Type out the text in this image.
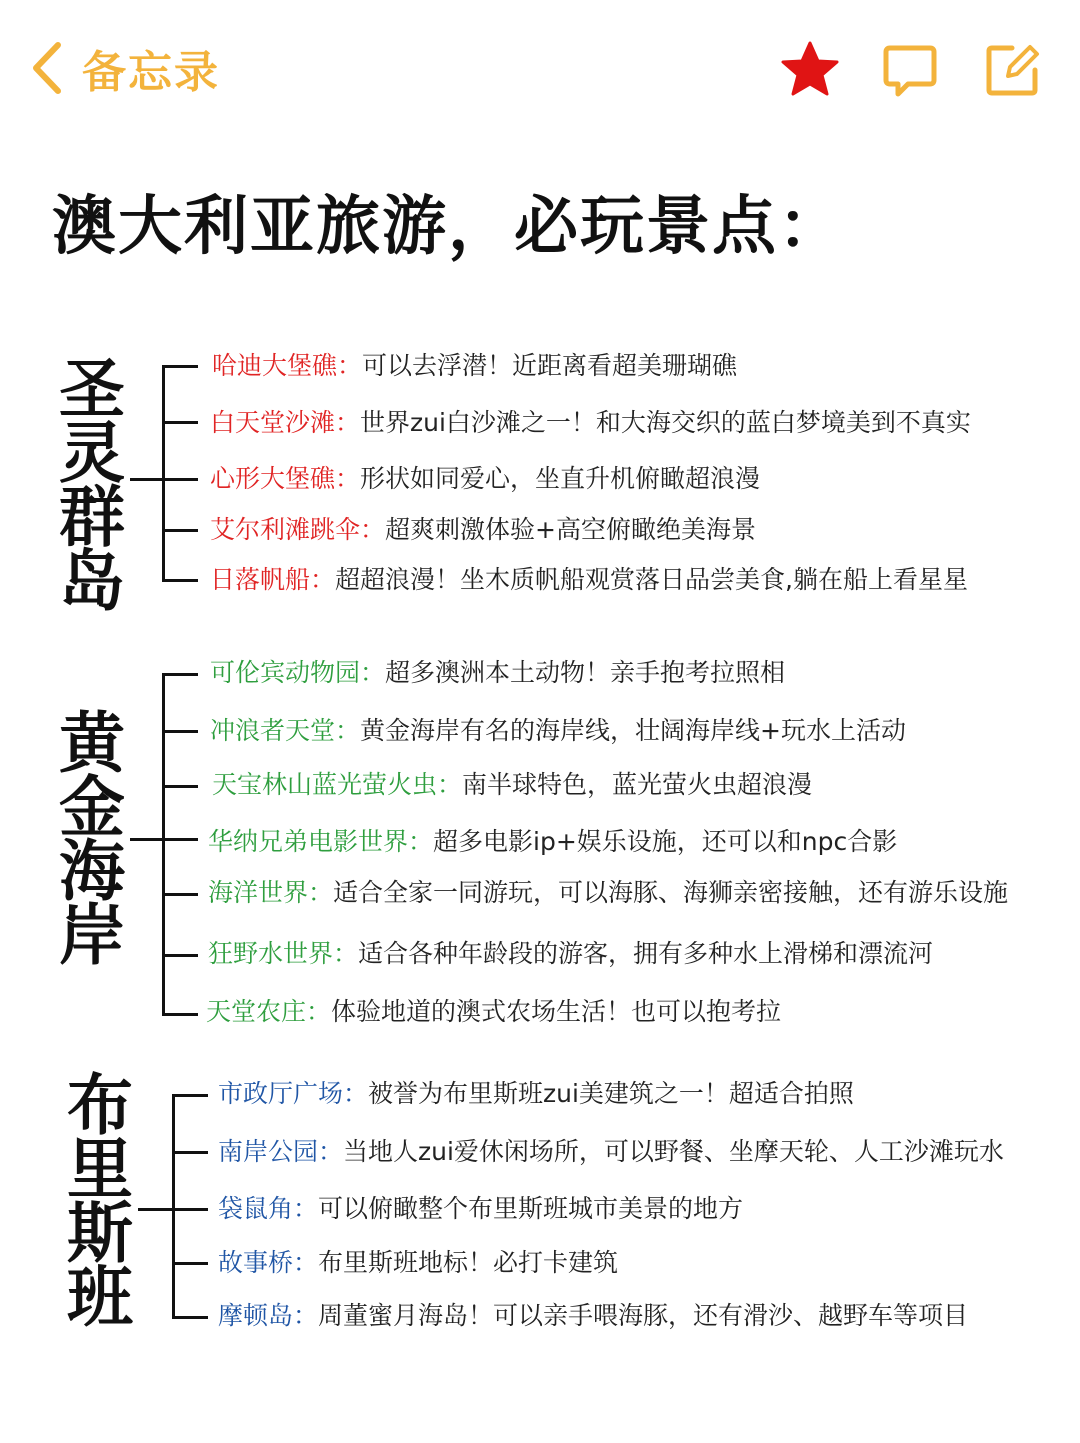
备忘录
澳大利亚旅游，必玩景点：
圣灵群岛
哈迪大堡礁：可以去浮潜！近距离看超美珊瑚礁
白天堂沙滩：世界zui白沙滩之一！和大海交织的蓝白梦境美到不真实
心形大堡礁：形状如同爱心，坐直升机俯瞰超浪漫
艾尔利滩跳伞：超爽刺激体验+高空俯瞰绝美海景
日落帆船：超超浪漫！坐木质帆船观赏落日品尝美食,躺在船上看星星
黄金海岸
可伦宾动物园：超多澳洲本土动物！亲手抱考拉照相
冲浪者天堂：黄金海岸有名的海岸线，壮阔海岸线+玩水上活动
天宝林山蓝光萤火虫：南半球特色，蓝光萤火虫超浪漫
华纳兄弟电影世界：超多电影ip+娱乐设施，还可以和npc合影
海洋世界：适合全家一同游玩，可以海豚、海狮亲密接触，还有游乐设施
狂野水世界：适合各种年龄段的游客，拥有多种水上滑梯和漂流河
天堂农庄：体验地道的澳式农场生活！也可以抱考拉
布里斯班
市政厅广场：被誉为布里斯班zui美建筑之一！超适合拍照
南岸公园：当地人zui爱休闲场所，可以野餐、坐摩天轮、人工沙滩玩水
袋鼠角：可以俯瞰整个布里斯班城市美景的地方
故事桥：布里斯班地标！必打卡建筑
摩顿岛：周董蜜月海岛！可以亲手喂海豚，还有滑沙、越野车等项目
